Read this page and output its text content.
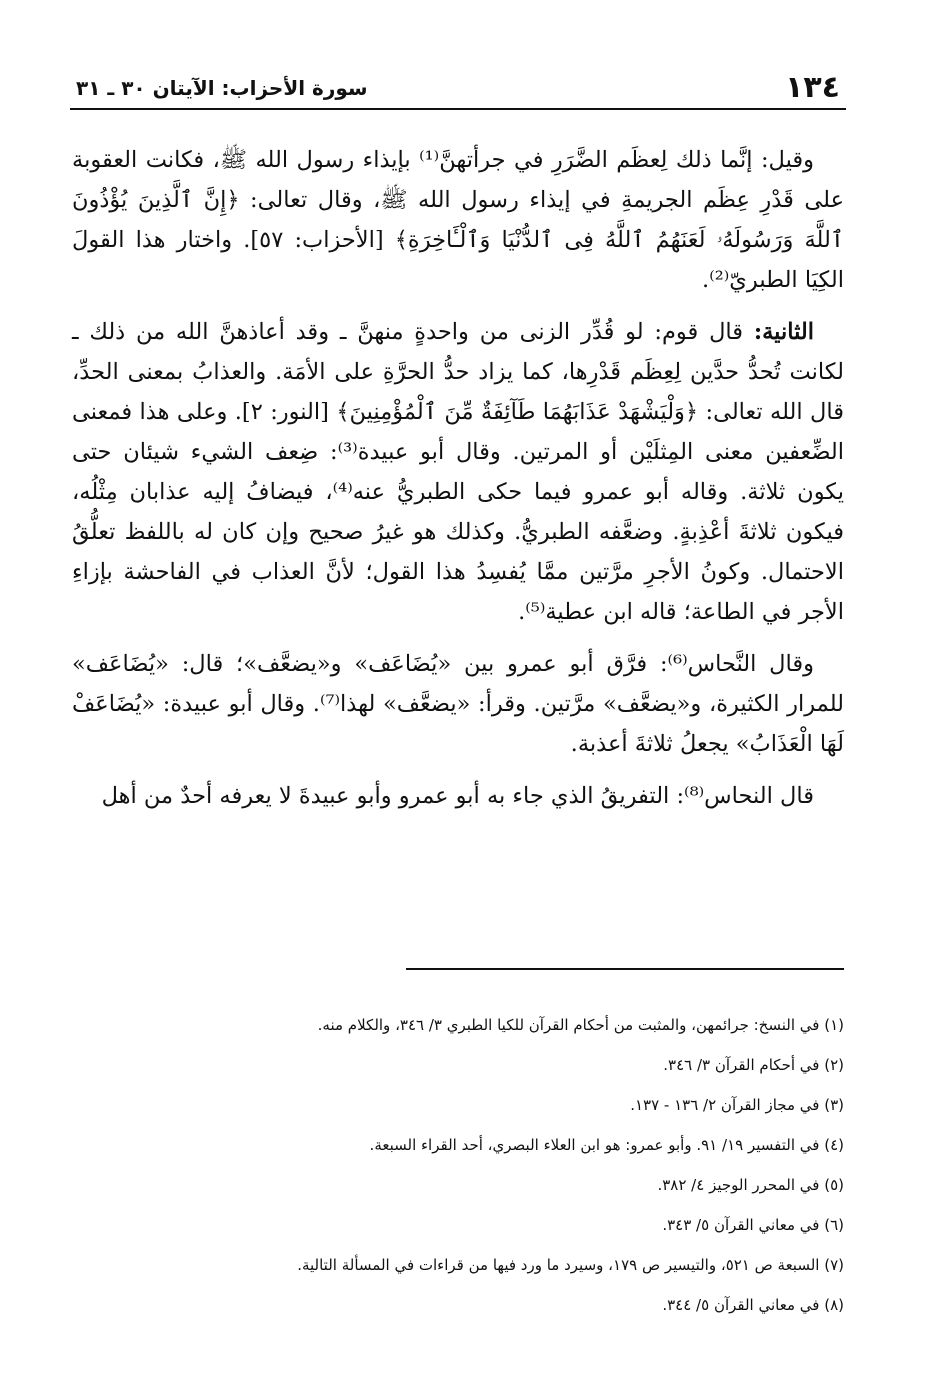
١٣٤
سورة الأحزاب: الآيتان ٣٠ ـ ٣١

وقيل: إنَّما ذلك لِعظَم الضَّرَرِ في جرأتهنَّ⁽¹⁾ بإيذاء رسول الله ﷺ، فكانت العقوبة على قَدْرِ عِظَم الجريمةِ في إيذاء رسول الله ﷺ، وقال تعالى: ﴿إِنَّ ٱلَّذِينَ يُؤْذُونَ ٱللَّهَ وَرَسُولَهُۥ لَعَنَهُمُ ٱللَّهُ فِى ٱلدُّنْيَا وَٱلْـَٔاخِرَةِ﴾ [الأحزاب: ٥٧]. واختار هذا القولَ الكِيَا الطبريّ⁽²⁾.

الثانية: قال قوم: لو قُدِّر الزنى من واحدةٍ منهنَّ ـ وقد أعاذهنَّ الله من ذلك ـ لكانت تُحدُّ حدَّين لِعِظَم قَدْرِها، كما يزاد حدُّ الحرَّةِ على الأمَة. والعذابُ بمعنى الحدِّ، قال الله تعالى: ﴿وَلْيَشْهَدْ عَذَابَهُمَا طَآئِفَةٌ مِّنَ ٱلْمُؤْمِنِينَ﴾ [النور: ٢]. وعلى هذا فمعنى الضِّعفين معنى المِثلَيْن أو المرتين. وقال أبو عبيدة⁽³⁾: ضِعف الشيء شيئان حتى يكون ثلاثة. وقاله أبو عمرو فيما حكى الطبريُّ عنه⁽⁴⁾، فيضافُ إليه عذابان مِثْلُه، فيكون ثلاثةَ أعْذِبةٍ. وضعَّفه الطبريُّ. وكذلك هو غيرُ صحيح وإن كان له باللفظ تعلُّقُ الاحتمال. وكونُ الأجرِ مرَّتين ممَّا يُفسِدُ هذا القول؛ لأنَّ العذاب في الفاحشة بإزاءِ الأجر في الطاعة؛ قاله ابن عطية⁽⁵⁾.

وقال النَّحاس⁽⁶⁾: فرَّق أبو عمرو بين «يُضَاعَف» و«يضعَّف»؛ قال: «يُضَاعَف» للمرار الكثيرة، و«يضعَّف» مرَّتين. وقرأ: «يضعَّف» لهذا⁽⁷⁾. وقال أبو عبيدة: «يُضَاعَفْ لَهَا الْعَذَابُ» يجعلُ ثلاثةَ أعذبة.

قال النحاس⁽⁸⁾: التفريقُ الذي جاء به أبو عمرو وأبو عبيدةَ لا يعرفه أحدٌ من أهل

(١) في النسخ: جرائمهن، والمثبت من أحكام القرآن للكيا الطبري ٣/ ٣٤٦، والكلام منه.

(٢) في أحكام القرآن ٣/ ٣٤٦.

(٣) في مجاز القرآن ٢/ ١٣٦ - ١٣٧.

(٤) في التفسير ١٩/ ٩١. وأبو عمرو: هو ابن العلاء البصري، أحد القراء السبعة.

(٥) في المحرر الوجيز ٤/ ٣٨٢.

(٦) في معاني القرآن ٥/ ٣٤٣.

(٧) السبعة ص ٥٢١، والتيسير ص ١٧٩، وسيرد ما ورد فيها من قراءات في المسألة التالية.

(٨) في معاني القرآن ٥/ ٣٤٤.
